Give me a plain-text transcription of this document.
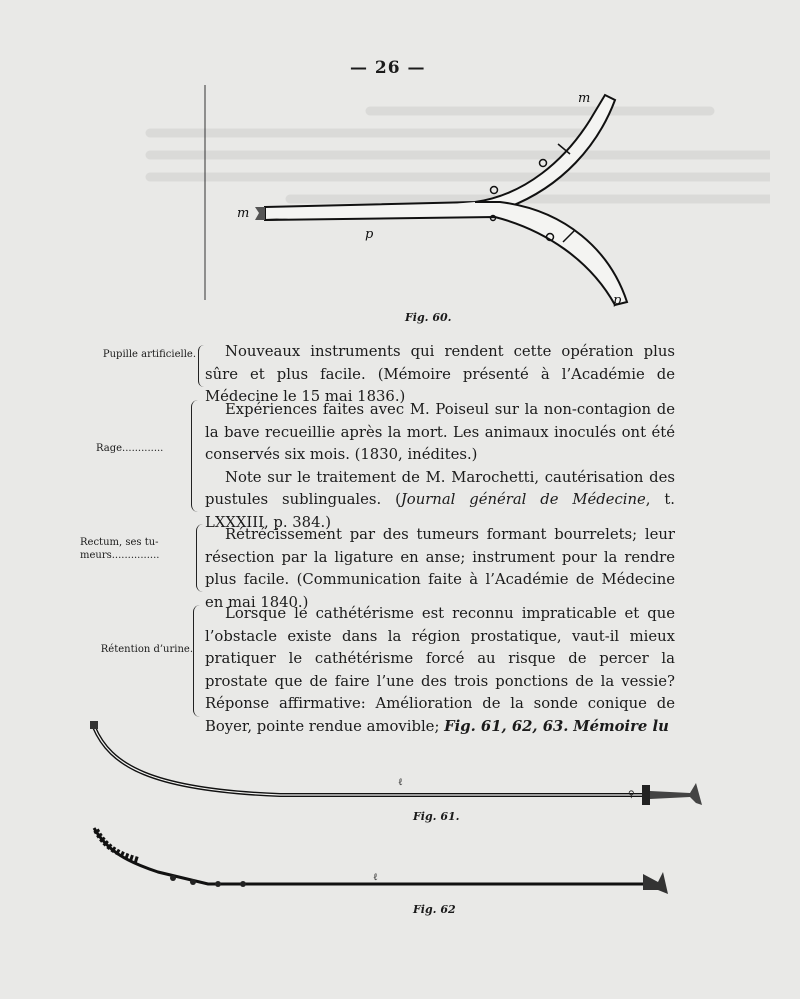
— 26 —
m
m
p
p
Fig. 60.
Pupille artificielle.	Nouveaux instruments qui rendent cette opération plus sûre et plus facile. (Mémoire présenté à l’Académie de Médecine le 15 mai 1836.)

Rage.............

Expériences faites avec M. Poiseul sur la non-contagion de la bave recueillie après la mort. Les animaux inoculés ont été conservés six mois. (1830, inédites.)

Note sur le traitement de M. Marochetti, cautérisation des pustules sublinguales. (Journal général de Médecine, t. LXXXIII, p. 384.)

Rectum, ses tu-
meurs...............

Rétrécissement par des tumeurs formant bourrelets; leur résection par la ligature en anse; instrument pour la rendre plus facile. (Communication faite à l’Académie de Médecine en mai 1840.)

Rétention d’urine.

Lorsque le cathétérisme est reconnu impraticable et que l’obstacle existe dans la région prostatique, vaut-il mieux pratiquer le cathétérisme forcé au risque de percer la prostate que de faire l’une des trois ponctions de la vessie? Réponse affirmative: Amélioration de la sonde conique de Boyer, pointe rendue amovible; Fig. 61, 62, 63. Mémoire lu

ℓ
⚲
Fig. 61.
ℓ
Fig. 62
